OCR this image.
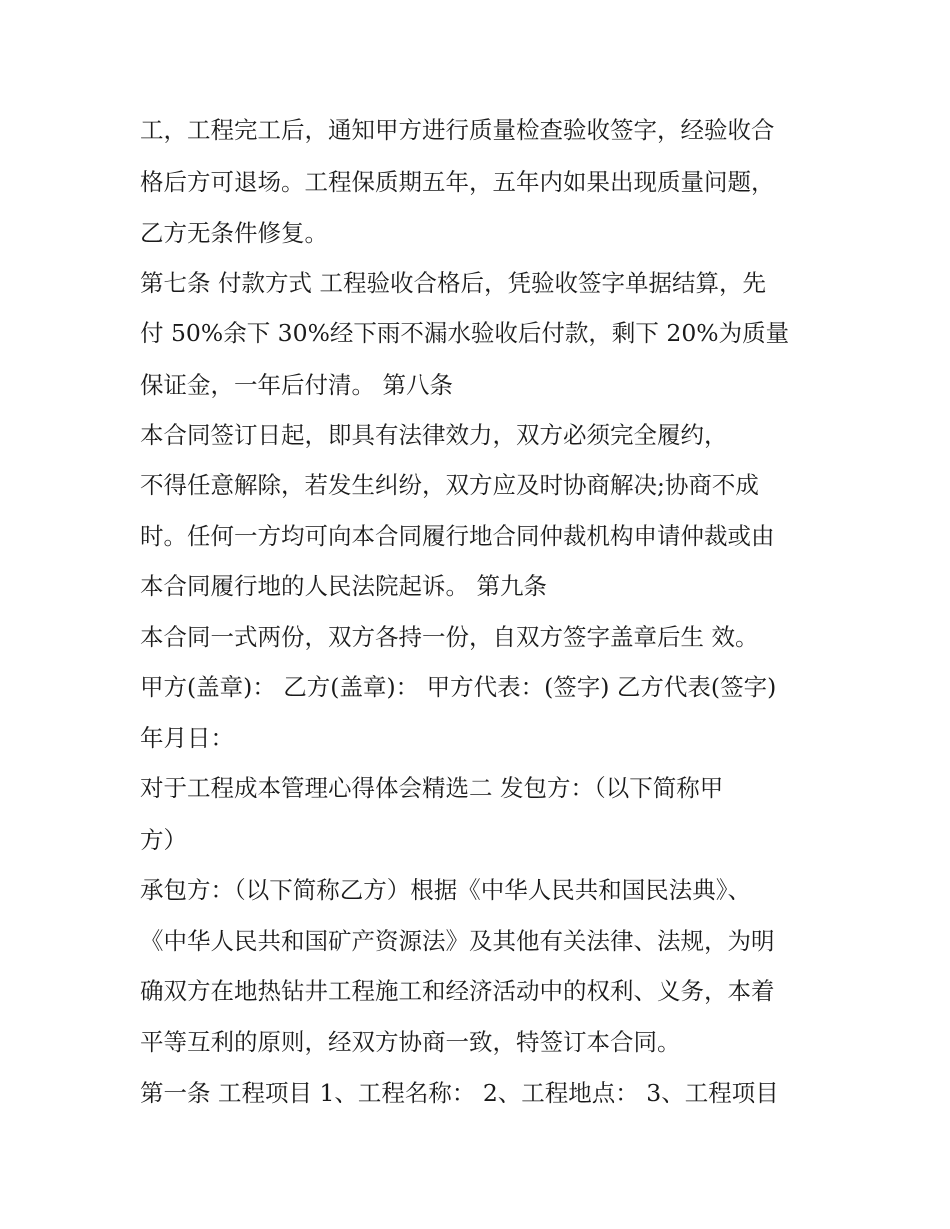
工，工程完工后，通知甲方进行质量检查验收签字，经验收合
格后方可退场。工程保质期五年，五年内如果出现质量问题，
乙方无条件修复。
第七条 付款方式 工程验收合格后，凭验收签字单据结算，先
付 50%余下 30%经下雨不漏水验收后付款，剩下 20%为质量
保证金，一年后付清。 第八条
本合同签订日起，即具有法律效力，双方必须完全履约，
不得任意解除，若发生纠纷，双方应及时协商解决;协商不成
时。任何一方均可向本合同履行地合同仲裁机构申请仲裁或由
本合同履行地的人民法院起诉。 第九条
本合同一式两份，双方各持一份，自双方签字盖章后生 效。
甲方(盖章)： 乙方(盖章)： 甲方代表：(签字) 乙方代表(签字)
年月日：
对于工程成本管理心得体会精选二 发包方：（以下简称甲
方）
承包方：（以下简称乙方）根据《中华人民共和国民法典》、
《中华人民共和国矿产资源法》及其他有关法律、法规，为明
确双方在地热钻井工程施工和经济活动中的权利、义务，本着
平等互利的原则，经双方协商一致，特签订本合同。
第一条 工程项目 1、工程名称： 2、工程地点： 3、工程项目
